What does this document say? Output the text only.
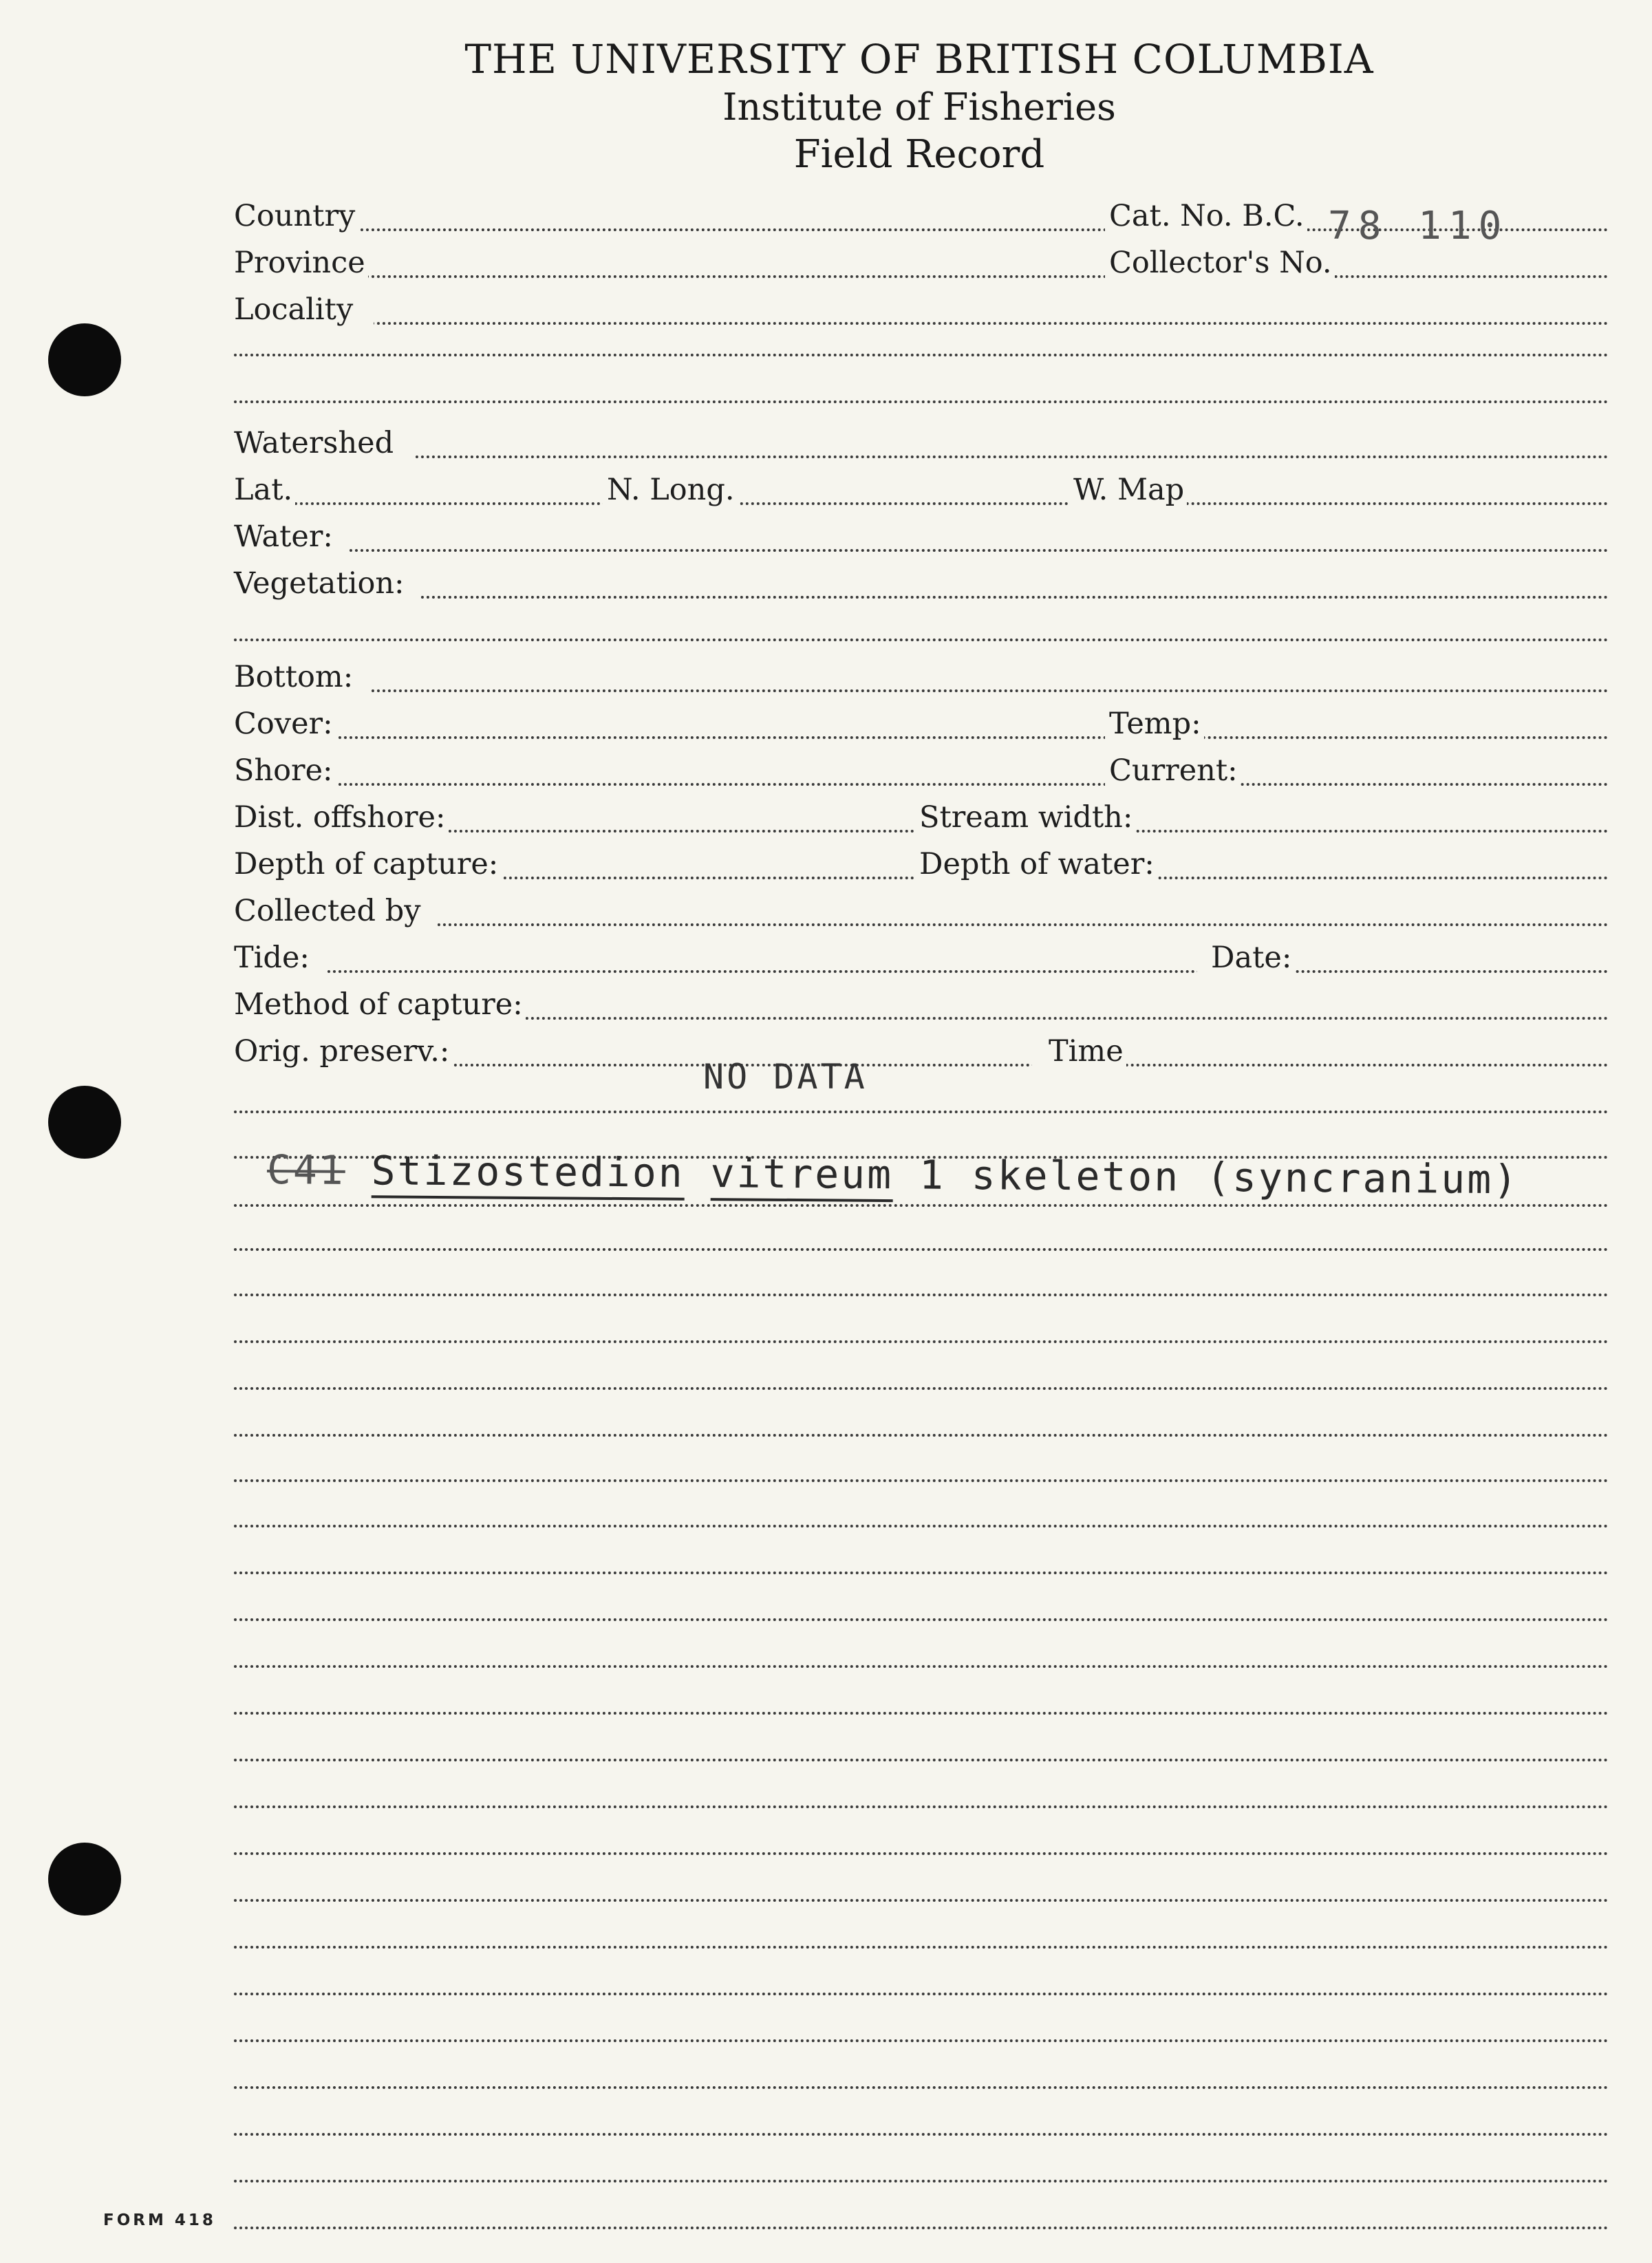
THE UNIVERSITY OF BRITISH COLUMBIA
Institute of Fisheries
Field Record
Country	Cat. No. B.C. 78 110
Province	Collector's No.
Locality
Watershed
Lat.	N. Long.	W. Map
Water:
Vegetation:
Bottom:
Cover:	Temp:
Shore:	Current:
Dist. offshore:	Stream width:
Depth of capture:	Depth of water:
Collected by
Tide:	Date:
Method of capture:
Orig. preserv.:	Time
NO DATA
C41 Stizostedion vitreum 1 skeleton (syncranium)
FORM 418
